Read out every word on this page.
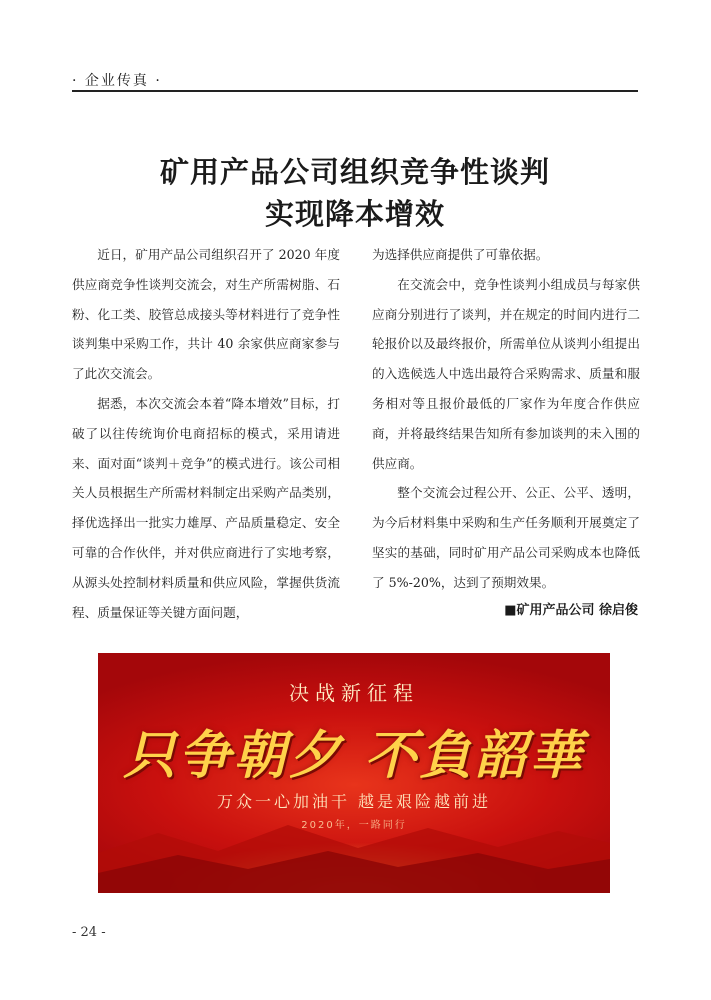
· 企业传真 ·
矿用产品公司组织竞争性谈判
实现降本增效

近日，矿用产品公司组织召开了 2020 年度供应商竞争性谈判交流会，对生产所需树脂、石粉、化工类、胶管总成接头等材料进行了竞争性谈判集中采购工作，共计 40 余家供应商家参与了此次交流会。

据悉，本次交流会本着“降本增效”目标，打破了以往传统询价电商招标的模式，采用请进来、面对面“谈判＋竞争”的模式进行。该公司相关人员根据生产所需材料制定出采购产品类别，择优选择出一批实力雄厚、产品质量稳定、安全可靠的合作伙伴，并对供应商进行了实地考察，从源头处控制材料质量和供应风险，掌握供货流程、质量保证等关键方面问题，

为选择供应商提供了可靠依据。

在交流会中，竞争性谈判小组成员与每家供应商分别进行了谈判，并在规定的时间内进行二轮报价以及最终报价，所需单位从谈判小组提出的入选候选人中选出最符合采购需求、质量和服务相对等且报价最低的厂家作为年度合作供应商，并将最终结果告知所有参加谈判的未入围的供应商。

整个交流会过程公开、公正、公平、透明，为今后材料集中采购和生产任务顺利开展奠定了坚实的基础，同时矿用产品公司采购成本也降低了 5%-20%，达到了预期效果。

■矿用产品公司 徐启俊
决战新征程
只争朝夕 不負韶華
万众一心加油干 越是艰险越前进
2020年，一路同行
- 24 -
